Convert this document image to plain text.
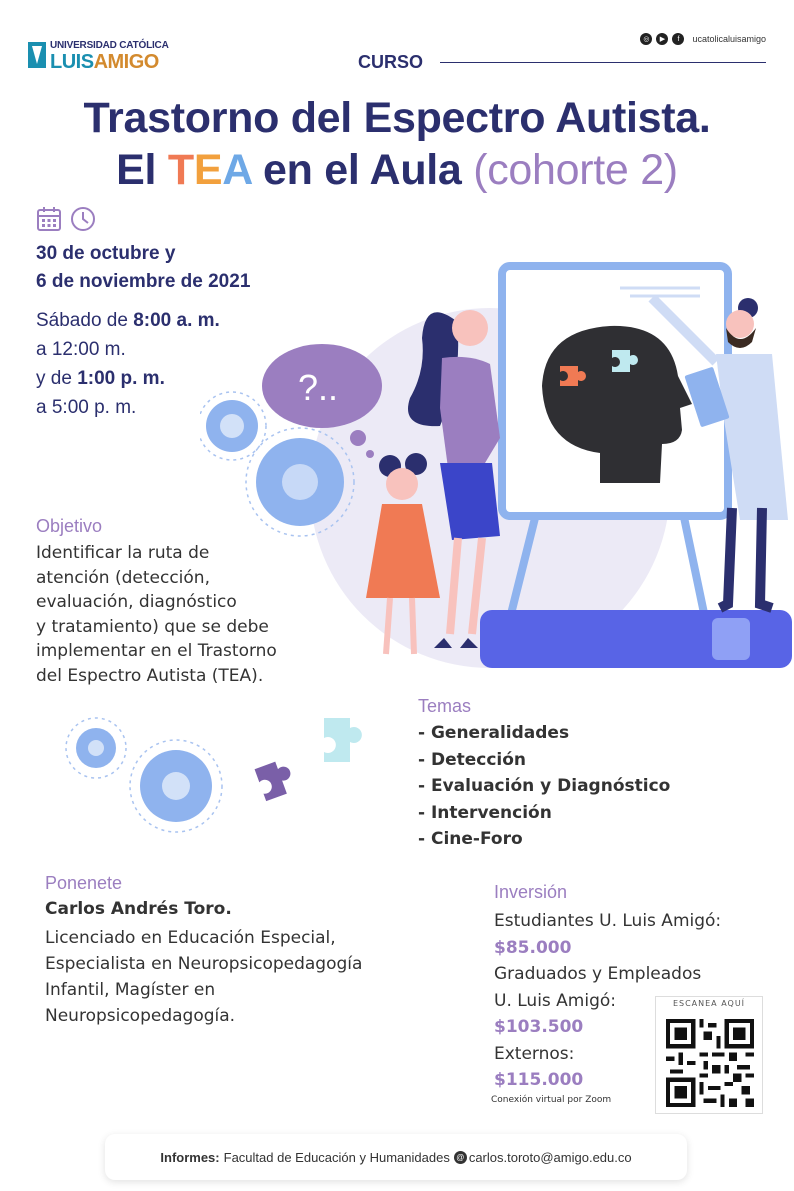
UNIVERSIDAD CATÓLICA
LUISAMIGO
◎	▶	f	ucatolicaluisamigo
CURSO
Trastorno del Espectro Autista.
El TEA en el Aula (cohorte 2)
30 de octubre y
6 de noviembre de 2021
Sábado de 8:00 a. m.
a 12:00 m.
y de 1:00 p. m.
a 5:00 p. m.	?..
Objetivo
Identificar la ruta de
atención (detección,
evaluación, diagnóstico
y tratamiento) que se debe
implementar en el Trastorno
del Espectro Autista (TEA).
Temas
- Generalidades
- Detección
- Evaluación y Diagnóstico
- Intervención
- Cine-Foro
Ponenete
Carlos Andrés Toro.
Licenciado en Educación Especial,
Especialista en Neuropsicopedagogía
Infantil, Magíster en
Neuropsicopedagogía.
Inversión
Estudiantes U. Luis Amigó:
$85.000
Graduados y Empleados
U. Luis Amigó:
$103.500
Externos:
$115.000
Conexión virtual por Zoom
ESCANEA AQUÍ
Informes: Facultad de Educación y Humanidades @ carlos.toroto@amigo.edu.co
